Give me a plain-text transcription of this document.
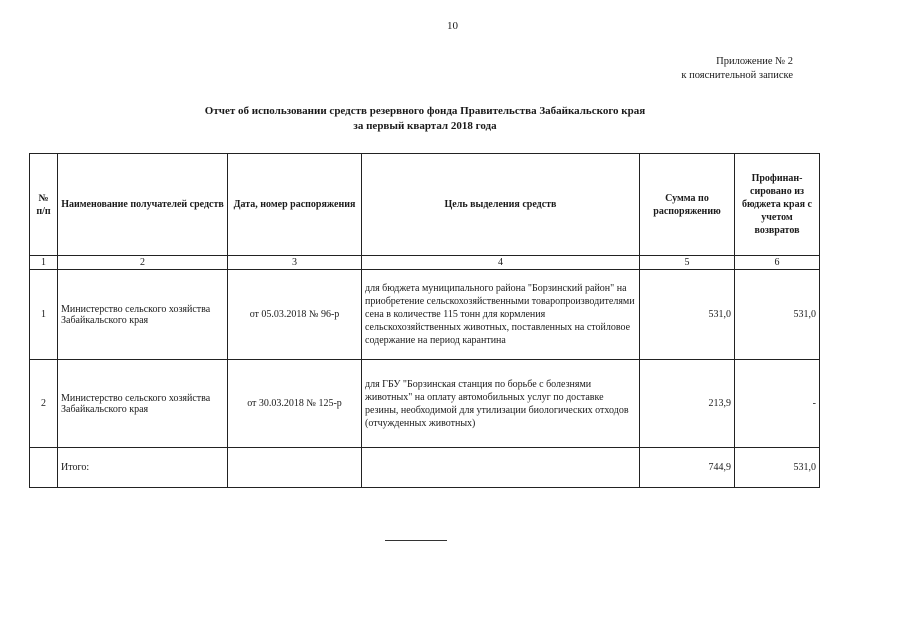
10
Приложение № 2
к пояснительной записке
Отчет об использовании средств резервного фонда Правительства Забайкальского края
за первый квартал 2018 года
№ п/п	Наименование получателей средств	Дата, номер распоряжения	Цель выделения средств	Сумма по распоряжению	Профинан-сировано из бюджета края с учетом возвратов
1	2	3	4	5	6
1	Министерство сельского хозяйства Забайкальского края	от 05.03.2018 № 96-р	для бюджета муниципального района "Борзинский район" на приобретение сельскохозяйственными товаропроизводителями сена в количестве 115 тонн для кормления сельскохозяйственных животных, поставленных на стойловое содержание на период карантина	531,0	531,0
2	Министерство сельского хозяйства Забайкальского края	от 30.03.2018 № 125-р	для ГБУ "Борзинская станция по борьбе с болезнями животных" на оплату автомобильных услуг по доставке резины, необходимой для утилизации биологических отходов (отчужденных животных)	213,9	-
	Итого:			744,9	531,0
